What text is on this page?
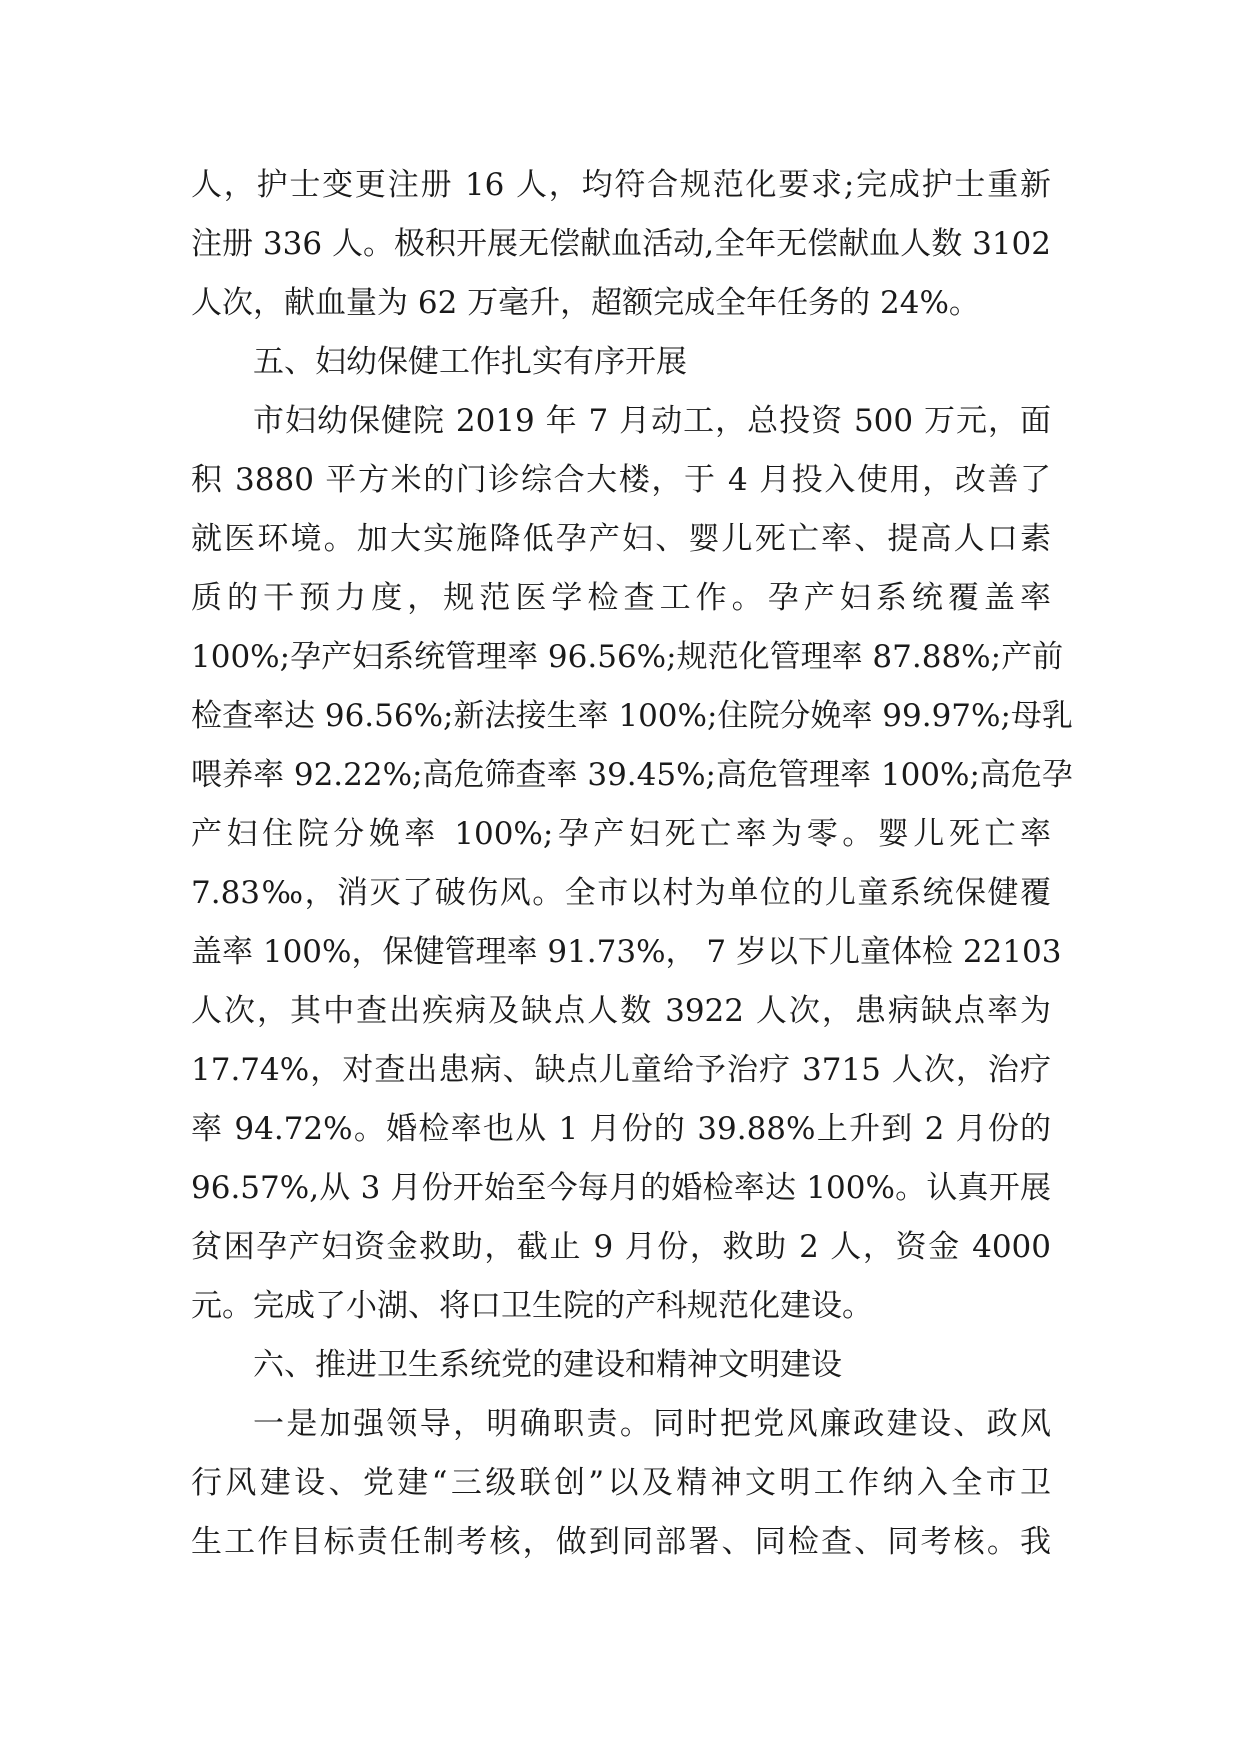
人，护士变更注册 16 人，均符合规范化要求;完成护士重新
注册 336 人。极积开展无偿献血活动,全年无偿献血人数 3102
人次，献血量为 62 万毫升，超额完成全年任务的 24%。
五、妇幼保健工作扎实有序开展
市妇幼保健院 2019 年 7 月动工，总投资 500 万元，面
积 3880 平方米的门诊综合大楼，于 4 月投入使用，改善了
就医环境。加大实施降低孕产妇、婴儿死亡率、提高人口素
质的干预力度，规范医学检查工作。孕产妇系统覆盖率
100%;孕产妇系统管理率 96.56%;规范化管理率 87.88%;产前
检查率达 96.56%;新法接生率 100%;住院分娩率 99.97%;母乳
喂养率 92.22%;高危筛查率 39.45%;高危管理率 100%;高危孕
产妇住院分娩率 100%;孕产妇死亡率为零。婴儿死亡率
7.83‰，消灭了破伤风。全市以村为单位的儿童系统保健覆
盖率 100%，保健管理率 91.73%， 7 岁以下儿童体检 22103
人次，其中查出疾病及缺点人数 3922 人次，患病缺点率为
17.74%，对查出患病、缺点儿童给予治疗 3715 人次，治疗
率 94.72%。婚检率也从 1 月份的 39.88%上升到 2 月份的
96.57%,从 3 月份开始至今每月的婚检率达 100%。认真开展
贫困孕产妇资金救助，截止 9 月份，救助 2 人，资金 4000
元。完成了小湖、将口卫生院的产科规范化建设。
六、推进卫生系统党的建设和精神文明建设
一是加强领导，明确职责。同时把党风廉政建设、政风
行风建设、党建“三级联创”以及精神文明工作纳入全市卫
生工作目标责任制考核，做到同部署、同检查、同考核。我
